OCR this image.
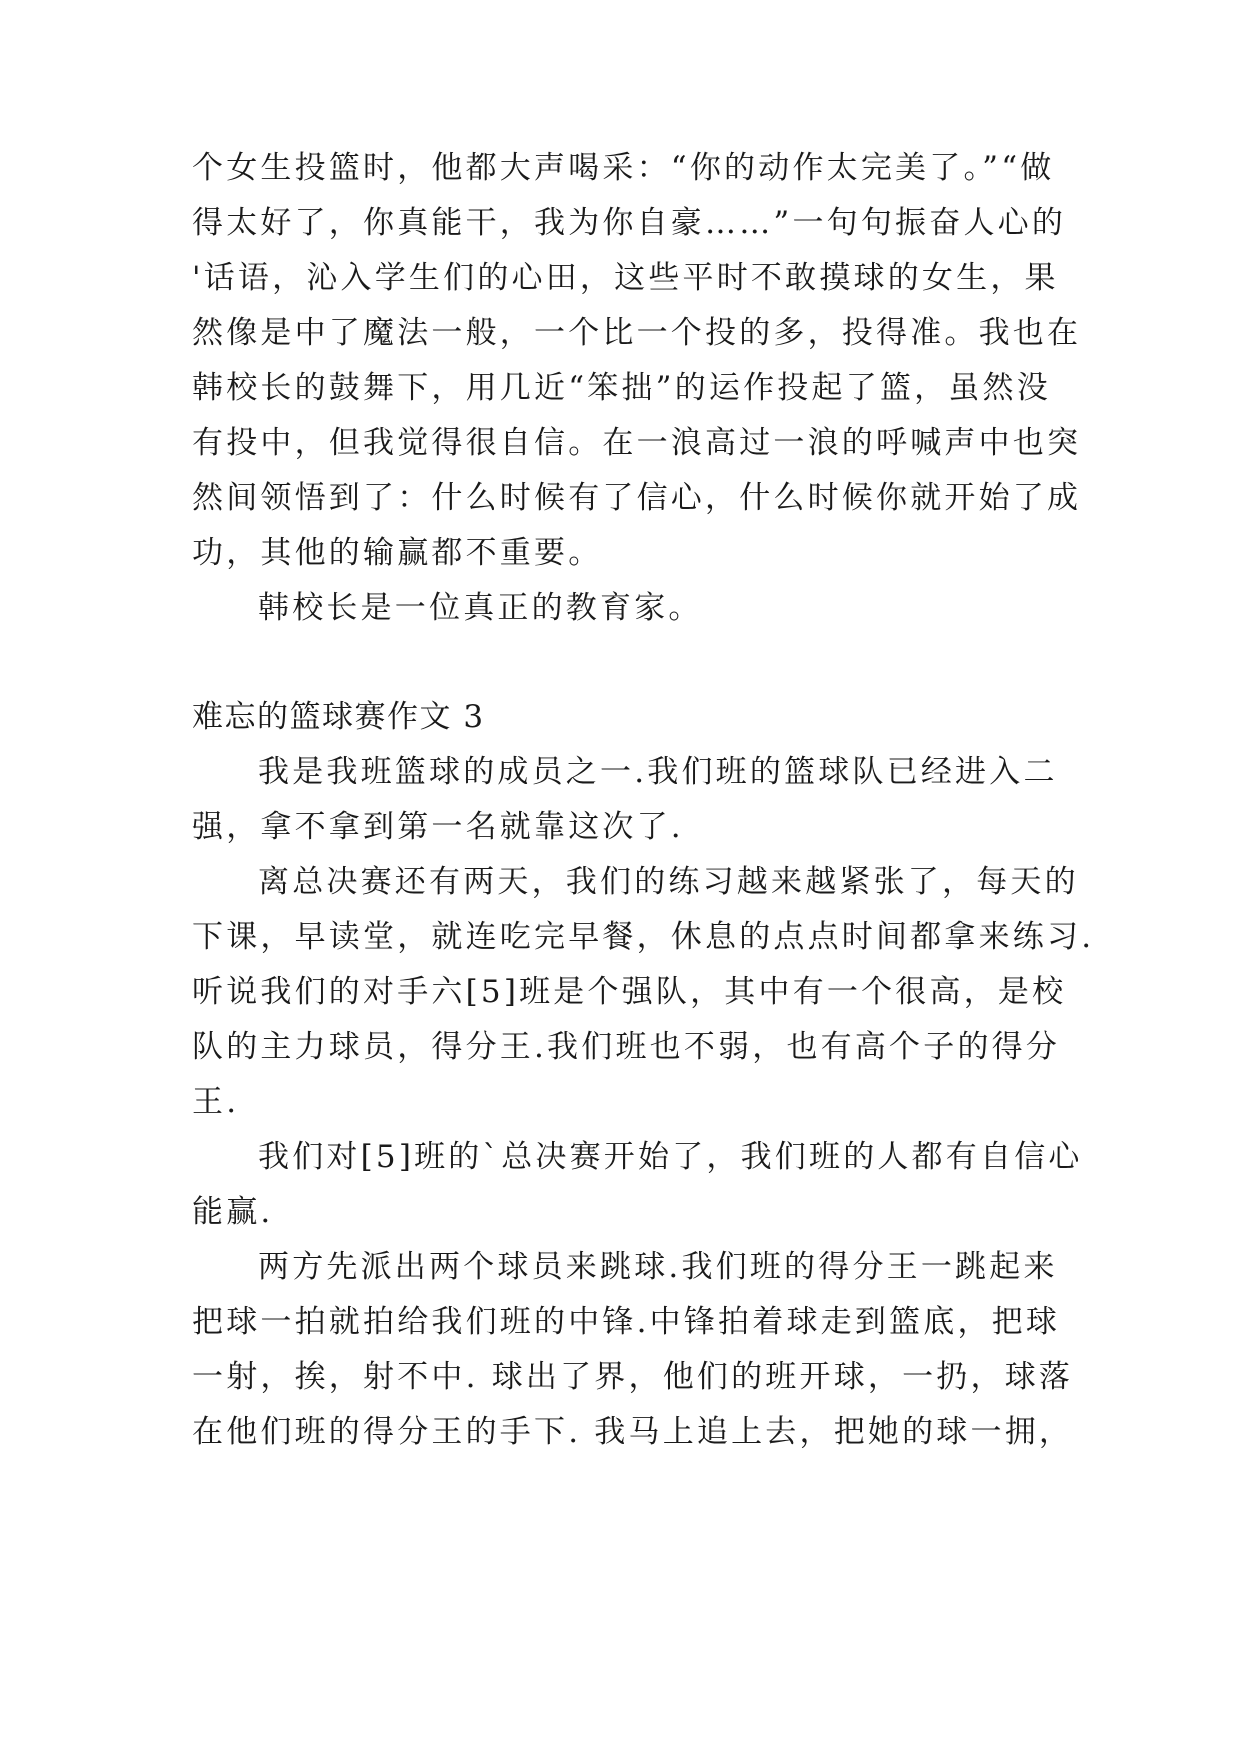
个女生投篮时，他都大声喝采：“你的动作太完美了。”“做
得太好了，你真能干，我为你自豪……”一句句振奋人心的
'话语，沁入学生们的心田，这些平时不敢摸球的女生，果
然像是中了魔法一般，一个比一个投的多，投得准。我也在
韩校长的鼓舞下，用几近“笨拙”的运作投起了篮，虽然没
有投中，但我觉得很自信。在一浪高过一浪的呼喊声中也突
然间领悟到了：什么时候有了信心，什么时候你就开始了成
功，其他的输赢都不重要。
韩校长是一位真正的教育家。
难忘的篮球赛作文 3
我是我班篮球的成员之一.我们班的篮球队已经进入二
强，拿不拿到第一名就靠这次了.
离总决赛还有两天，我们的练习越来越紧张了，每天的
下课，早读堂，就连吃完早餐，休息的点点时间都拿来练习.
听说我们的对手六[5]班是个强队，其中有一个很高，是校
队的主力球员，得分王.我们班也不弱，也有高个子的得分
王.
我们对[5]班的`总决赛开始了，我们班的人都有自信心
能赢.
两方先派出两个球员来跳球.我们班的得分王一跳起来
把球一拍就拍给我们班的中锋.中锋拍着球走到篮底，把球
一射，挨，射不中. 球出了界，他们的班开球，一扔，球落
在他们班的得分王的手下. 我马上追上去，把她的球一拥，
